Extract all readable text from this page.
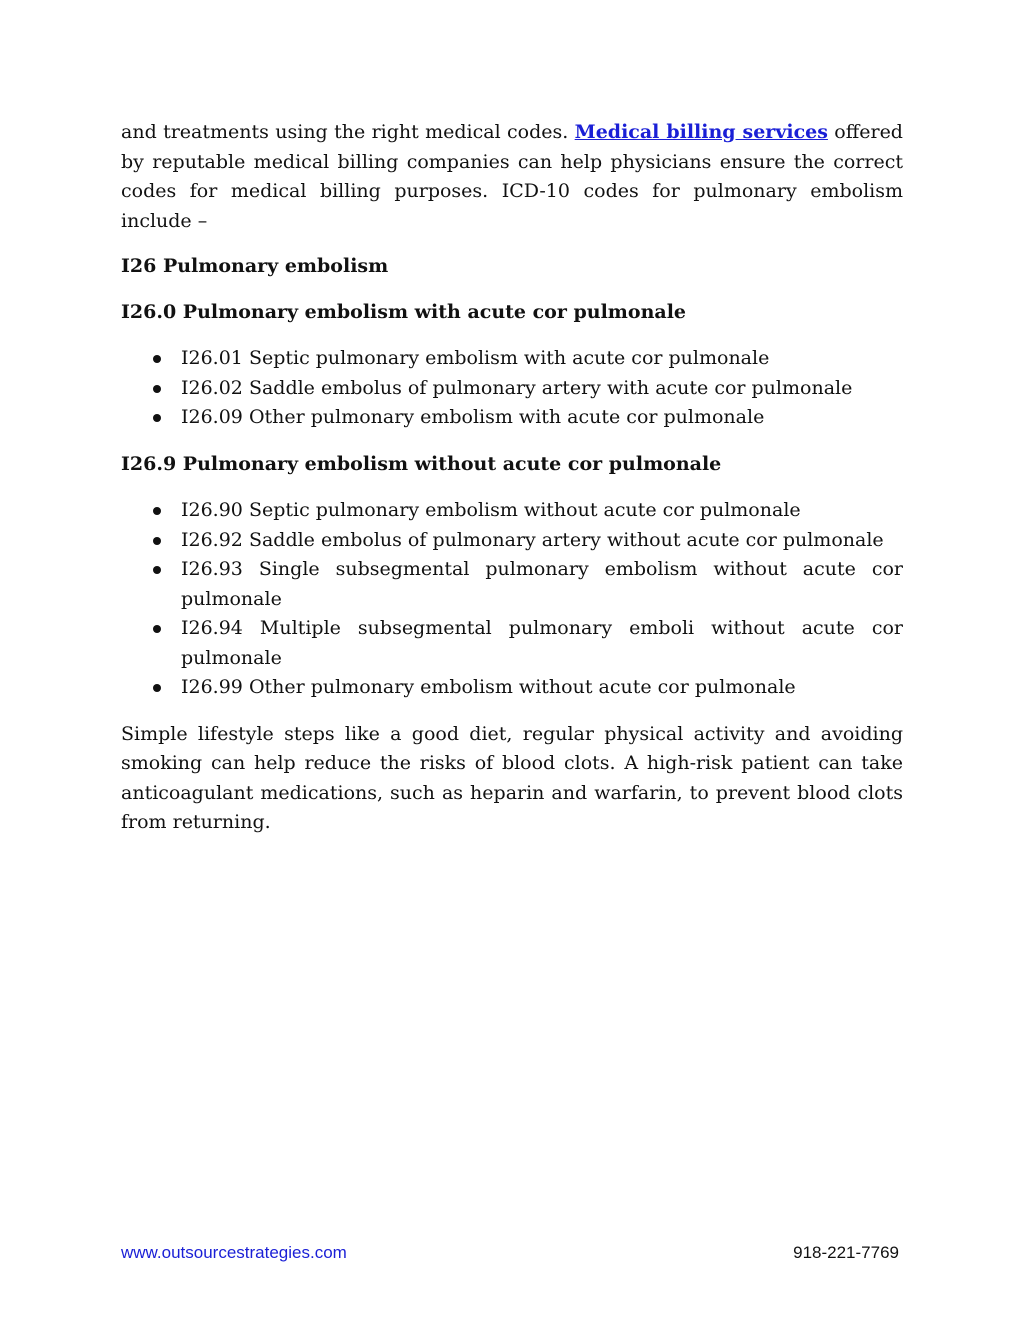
and treatments using the right medical codes. Medical billing services offered by reputable medical billing companies can help physicians ensure the correct codes for medical billing purposes. ICD-10 codes for pulmonary embolism include –

I26 Pulmonary embolism

I26.0 Pulmonary embolism with acute cor pulmonale

I26.01 Septic pulmonary embolism with acute cor pulmonale
I26.02 Saddle embolus of pulmonary artery with acute cor pulmonale
I26.09 Other pulmonary embolism with acute cor pulmonale

I26.9 Pulmonary embolism without acute cor pulmonale

I26.90 Septic pulmonary embolism without acute cor pulmonale
I26.92 Saddle embolus of pulmonary artery without acute cor pulmonale
I26.93 Single subsegmental pulmonary embolism without acute cor pulmonale
I26.94 Multiple subsegmental pulmonary emboli without acute cor pulmonale
I26.99 Other pulmonary embolism without acute cor pulmonale

Simple lifestyle steps like a good diet, regular physical activity and avoiding smoking can help reduce the risks of blood clots. A high-risk patient can take anticoagulant medications, such as heparin and warfarin, to prevent blood clots from returning.

www.outsourcestrategies.com	918-221-7769
